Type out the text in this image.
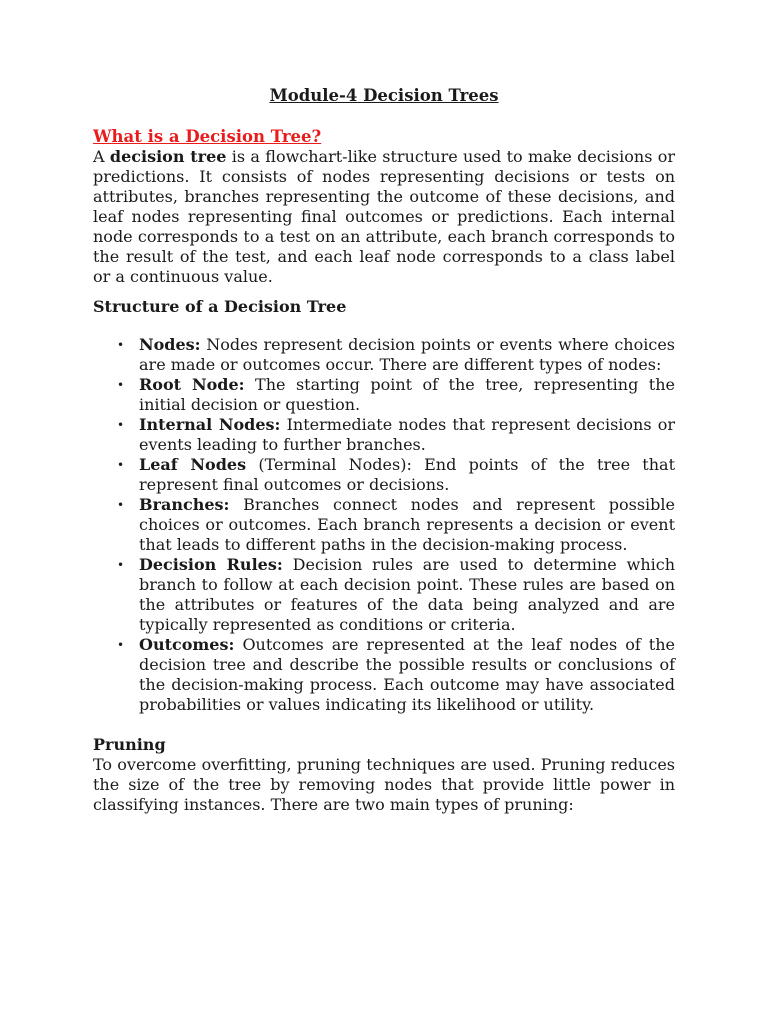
Module-4 Decision Trees
What is a Decision Tree?

A decision tree is a flowchart-like structure used to make decisions or predictions. It consists of nodes representing decisions or tests on attributes, branches representing the outcome of these decisions, and leaf nodes representing final outcomes or predictions. Each internal node corresponds to a test on an attribute, each branch corresponds to the result of the test, and each leaf node corresponds to a class label or a continuous value.

Structure of a Decision Tree
• Nodes: Nodes represent decision points or events where choices are made or outcomes occur. There are different types of nodes:
• Root Node: The starting point of the tree, representing the initial decision or question.
• Internal Nodes: Intermediate nodes that represent decisions or events leading to further branches.
• Leaf Nodes (Terminal Nodes): End points of the tree that represent final outcomes or decisions.
• Branches: Branches connect nodes and represent possible choices or outcomes. Each branch represents a decision or event that leads to different paths in the decision-making process.
• Decision Rules: Decision rules are used to determine which branch to follow at each decision point. These rules are based on the attributes or features of the data being analyzed and are typically represented as conditions or criteria.
• Outcomes: Outcomes are represented at the leaf nodes of the decision tree and describe the possible results or conclusions of the decision-making process. Each outcome may have associated probabilities or values indicating its likelihood or utility.
Pruning

To overcome overfitting, pruning techniques are used. Pruning reduces the size of the tree by removing nodes that provide little power in classifying instances. There are two main types of pruning:
